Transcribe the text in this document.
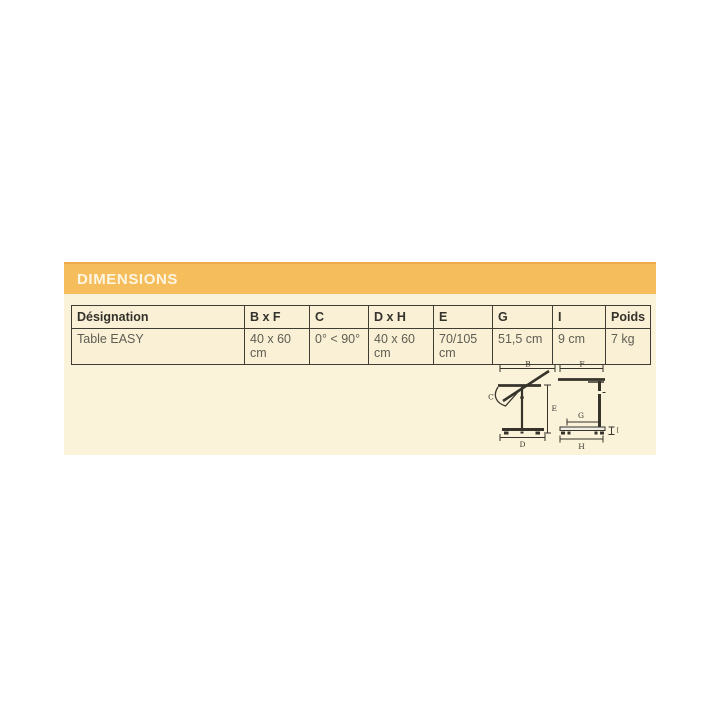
DIMENSIONS
Désignation	B x F	C	D x H	E	G	I	Poids
Table EASY	40 x 60 cm	0° < 90°	40 x 60 cm	70/105 cm	51,5 cm	9 cm	7 kg
B
C
E
D
F
G
I
H
